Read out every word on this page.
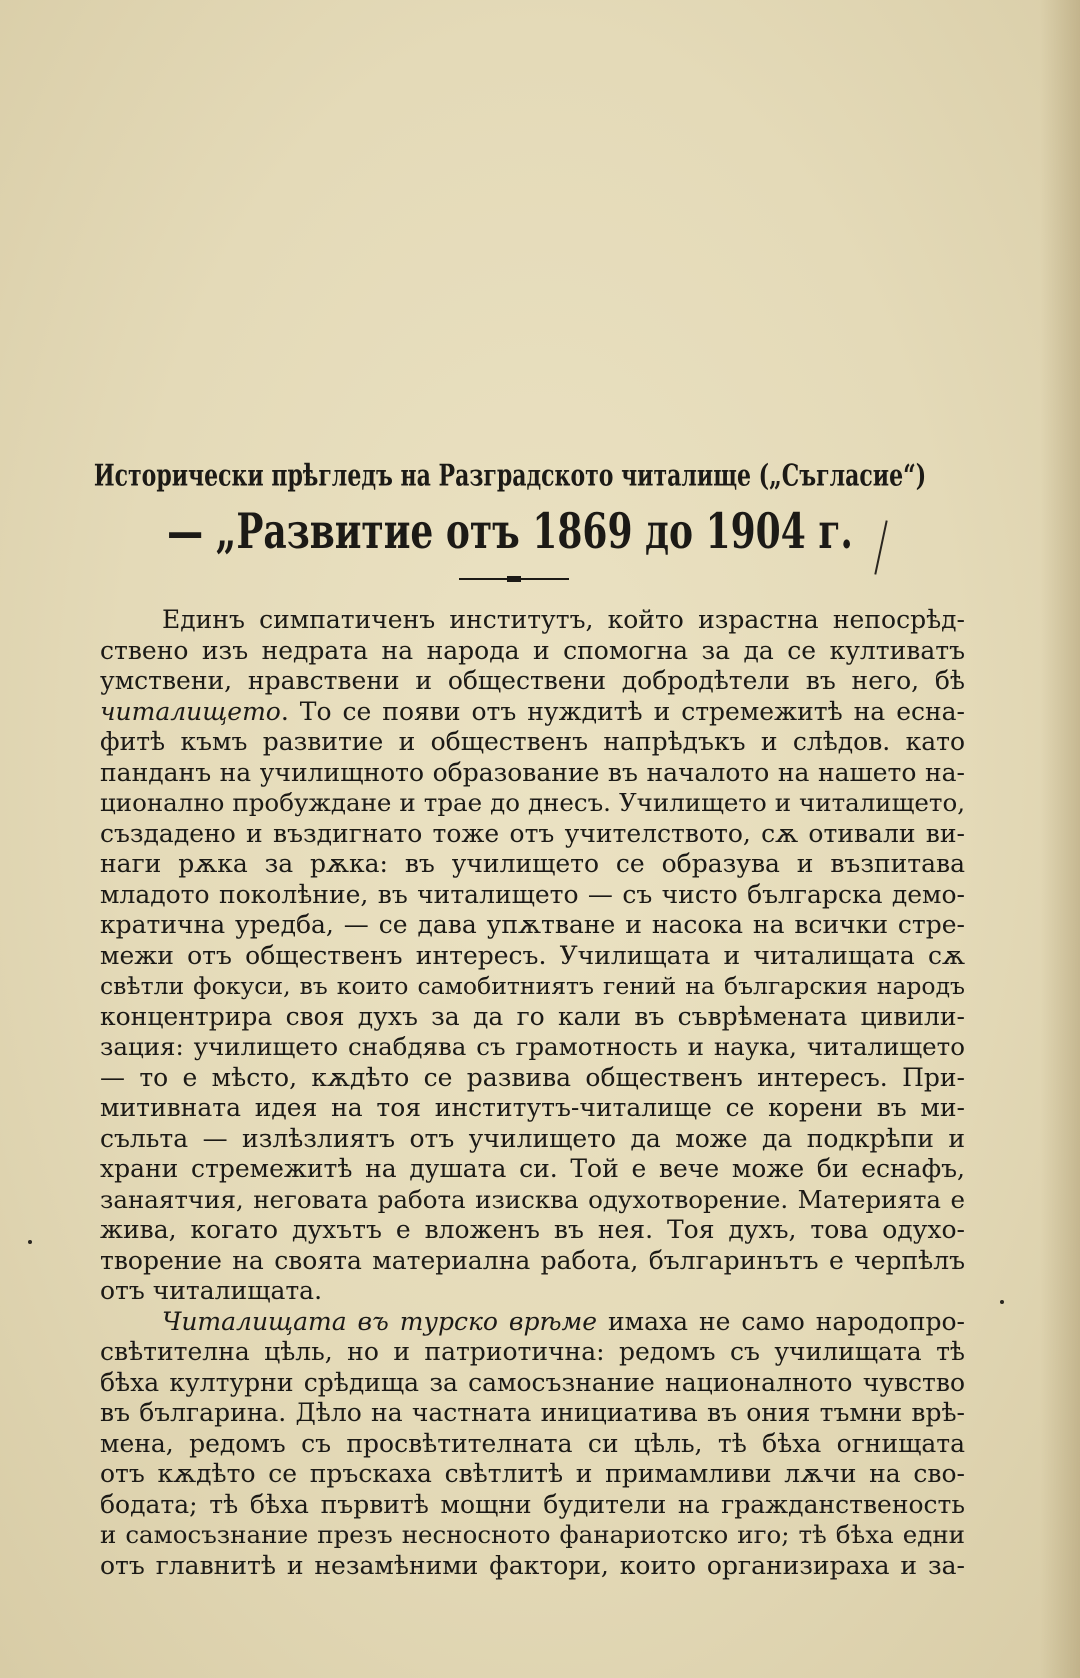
Исторически прѣгледъ на Разградското читалище („Съгласие“)
— „Развитие отъ 1869 до 1904 г.
Единъ симпатиченъ институтъ, който израстна непосрѣд-
ствено изъ недрата на народа и спомогна за да се култиватъ
умствени, нравствени и обществени добродѣтели въ него, бѣ
читалището. То се появи отъ нуждитѣ и стремежитѣ на есна-
фитѣ къмъ развитие и общественъ напрѣдъкъ и слѣдов. като
панданъ на училищното образование въ началото на нашето на-
ционално пробуждане и трае до днесъ. Училището и читалището,
създадено и въздигнато тоже отъ учителството, сѫ отивали ви-
наги рѫка за рѫка: въ училището се образува и възпитава
младото поколѣние, въ читалището — съ чисто българска демо-
кратична уредба, — се дава упѫтване и насока на всички стре-
межи отъ общественъ интересъ. Училищата и читалищата сѫ
свѣтли фокуси, въ които самобитниятъ гений на българския народъ
концентрира своя духъ за да го кали въ съврѣмената цивили-
зация: училището снабдява съ грамотность и наука, читалището
— то е мѣсто, кѫдѣто се развива общественъ интересъ. При-
митивната идея на тоя институтъ-читалище се корени въ ми-
съльта — излѣзлиятъ отъ училището да може да подкрѣпи и
храни стремежитѣ на душата си. Той е вече може би еснафъ,
занаятчия, неговата работа изисква одухотворение. Материята е
жива, когато духътъ е вложенъ въ нея. Тоя духъ, това одухо-
творение на своята материална работа, българинътъ е черпѣлъ
отъ читалищата.
Читалищата въ турско врѣме имаха не само народопро-
свѣтителна цѣль, но и патриотична: редомъ съ училищата тѣ
бѣха културни срѣдища за самосъзнание националното чувство
въ българина. Дѣло на частната инициатива въ ония тъмни врѣ-
мена, редомъ съ просвѣтителната си цѣль, тѣ бѣха огнищата
отъ кѫдѣто се пръскаха свѣтлитѣ и примамливи лѫчи на сво-
бодата; тѣ бѣха първитѣ мощни будители на гражданственость
и самосъзнание презъ несносното фанариотско иго; тѣ бѣха едни
отъ главнитѣ и незамѣними фактори, които организираха и за-
